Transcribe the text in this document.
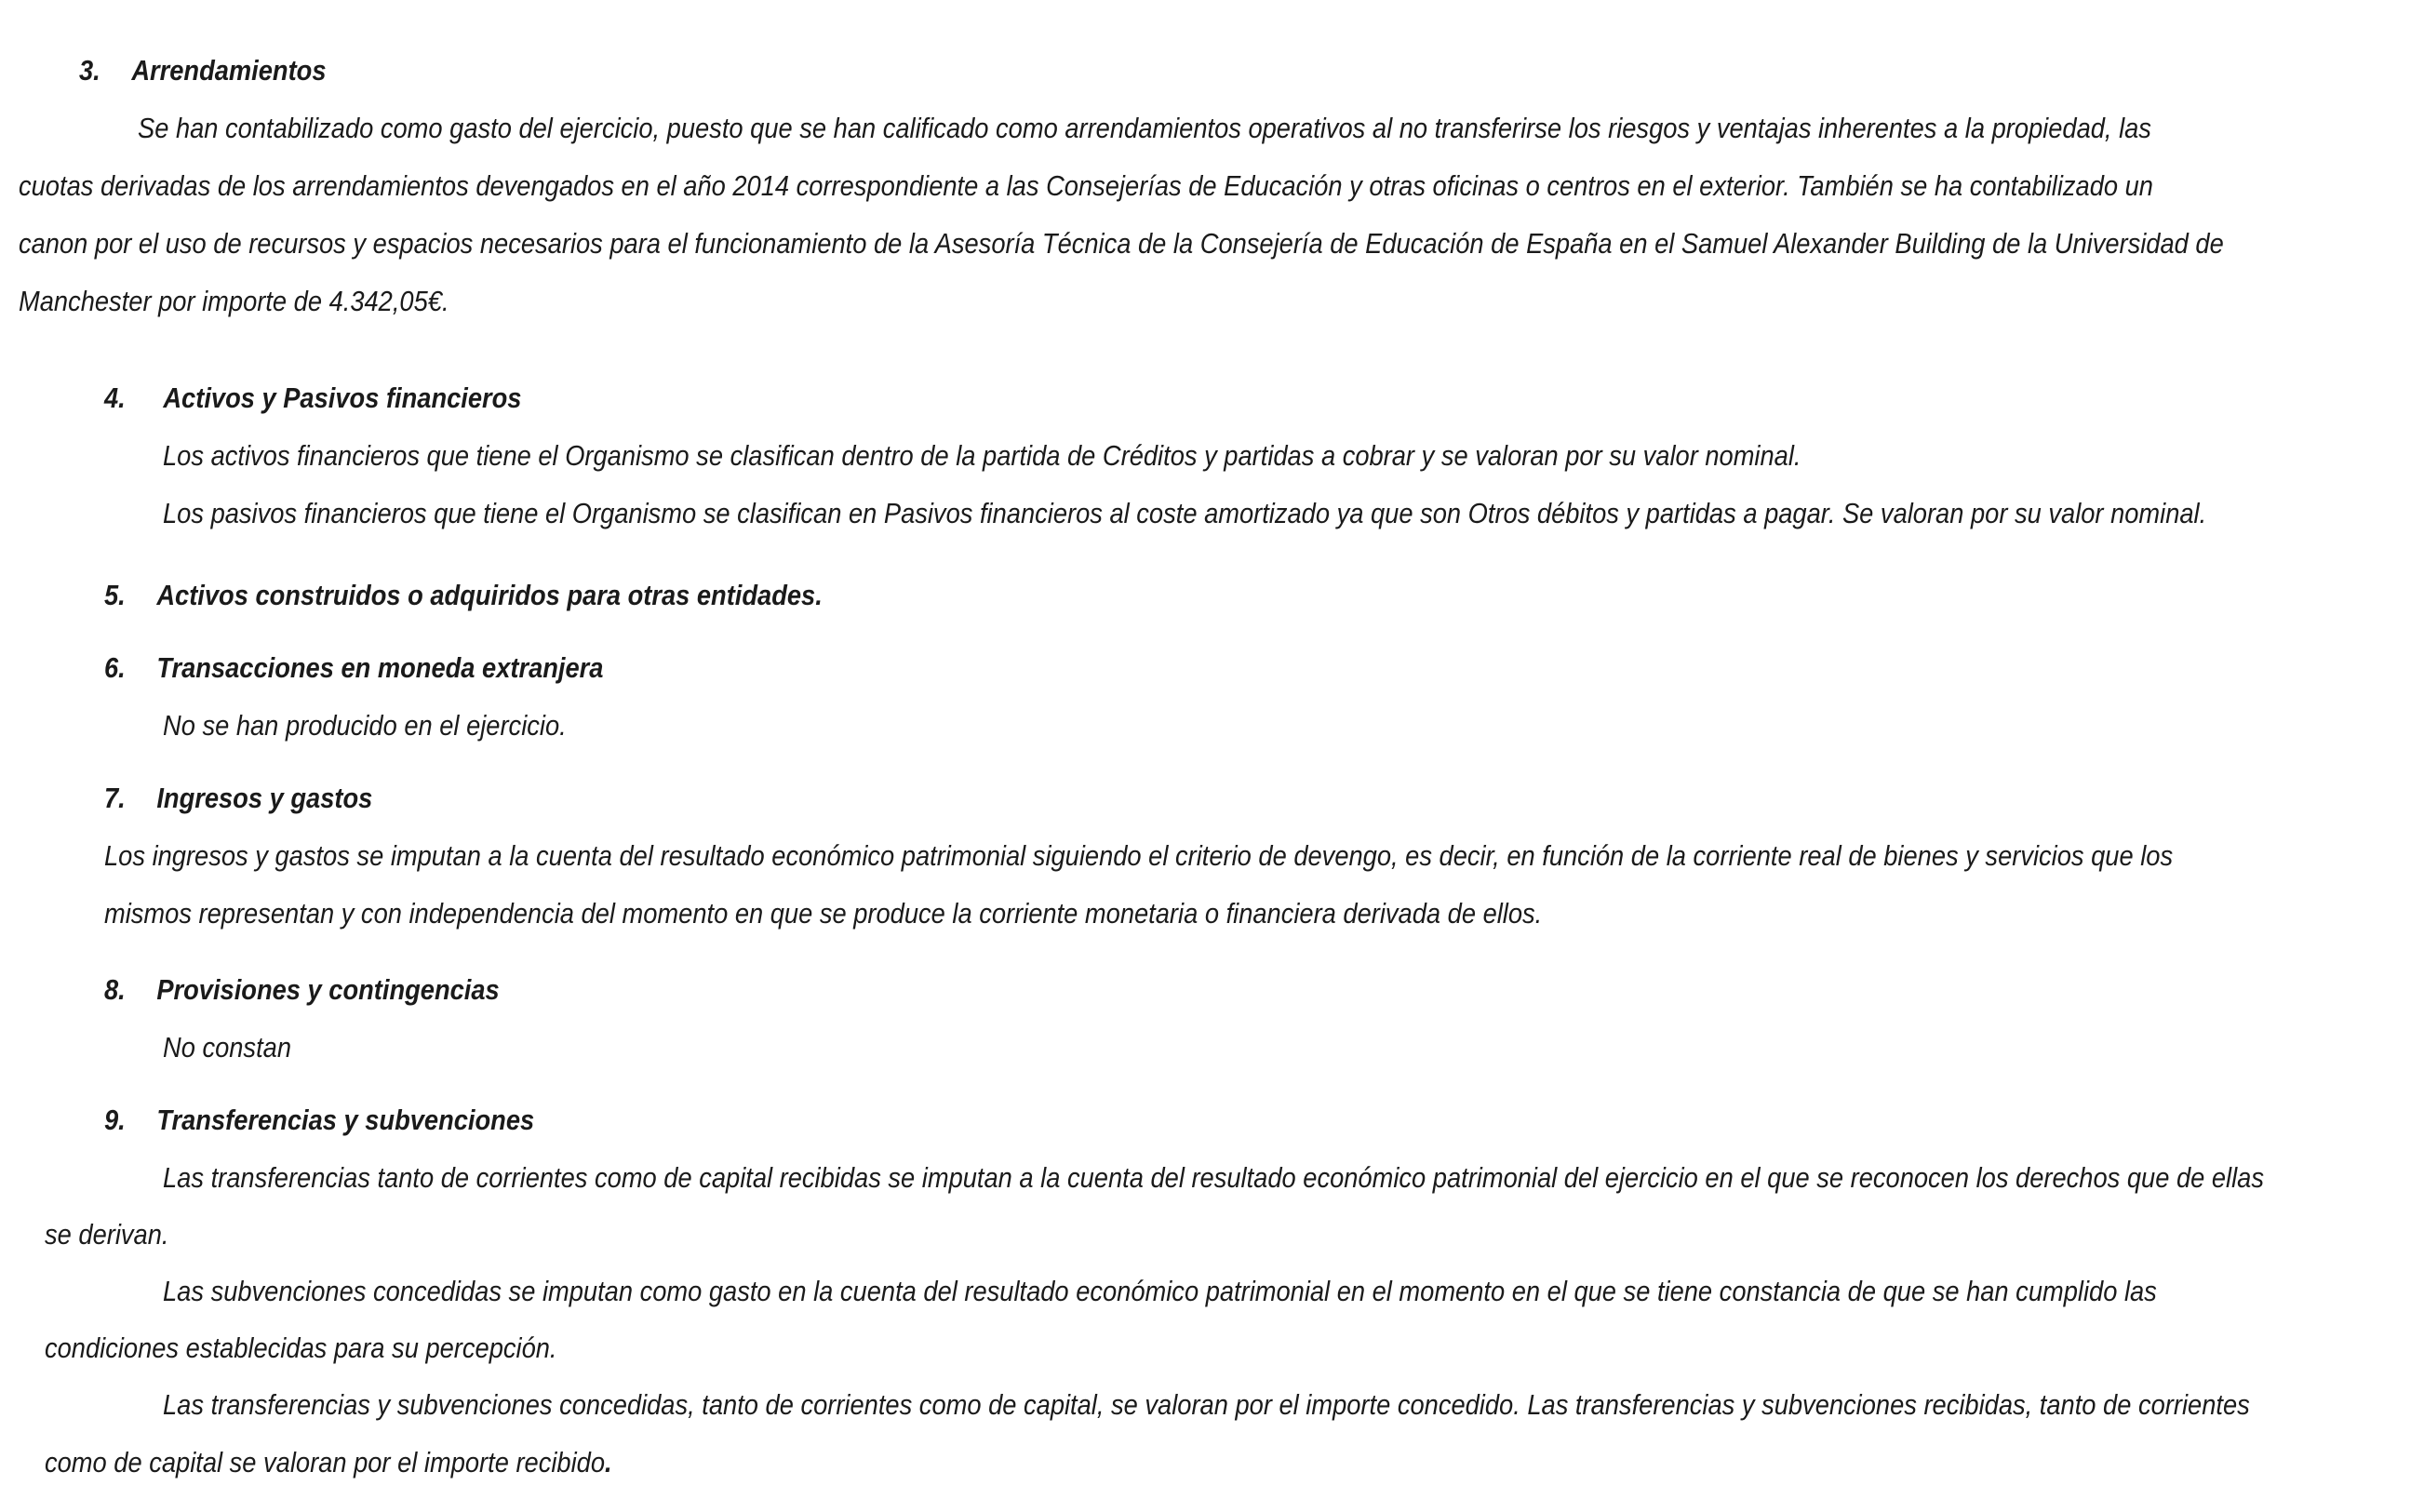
3. Arrendamientos

Se han contabilizado como gasto del ejercicio, puesto que se han calificado como arrendamientos operativos al no transferirse los riesgos y ventajas inherentes a la propiedad, las

cuotas derivadas de los arrendamientos devengados en el año 2014 correspondiente a las Consejerías de Educación y otras oficinas o centros en el exterior. También se ha contabilizado un

canon por el uso de recursos y espacios necesarios para el funcionamiento de la Asesoría Técnica de la Consejería de Educación de España en el Samuel Alexander Building de la Universidad de

Manchester por importe de 4.342,05€.

4. Activos y Pasivos financieros

Los activos financieros que tiene el Organismo se clasifican dentro de la partida de Créditos y partidas a cobrar y se valoran por su valor nominal.

Los pasivos financieros que tiene el Organismo se clasifican en Pasivos financieros al coste amortizado ya que son Otros débitos y partidas a pagar. Se valoran por su valor nominal.

5. Activos construidos o adquiridos para otras entidades.

6. Transacciones en moneda extranjera

No se han producido en el ejercicio.

7. Ingresos y gastos

Los ingresos y gastos se imputan a la cuenta del resultado económico patrimonial siguiendo el criterio de devengo, es decir, en función de la corriente real de bienes y servicios que los

mismos representan y con independencia del momento en que se produce la corriente monetaria o financiera derivada de ellos.

8. Provisiones y contingencias

No constan

9. Transferencias y subvenciones

Las transferencias tanto de corrientes como de capital recibidas se imputan a la cuenta del resultado económico patrimonial del ejercicio en el que se reconocen los derechos que de ellas

se derivan.

Las subvenciones concedidas se imputan como gasto en la cuenta del resultado económico patrimonial en el momento en el que se tiene constancia de que se han cumplido las

condiciones establecidas para su percepción.

Las transferencias y subvenciones concedidas, tanto de corrientes como de capital, se valoran por el importe concedido. Las transferencias y subvenciones recibidas, tanto de corrientes

como de capital se valoran por el importe recibido.
